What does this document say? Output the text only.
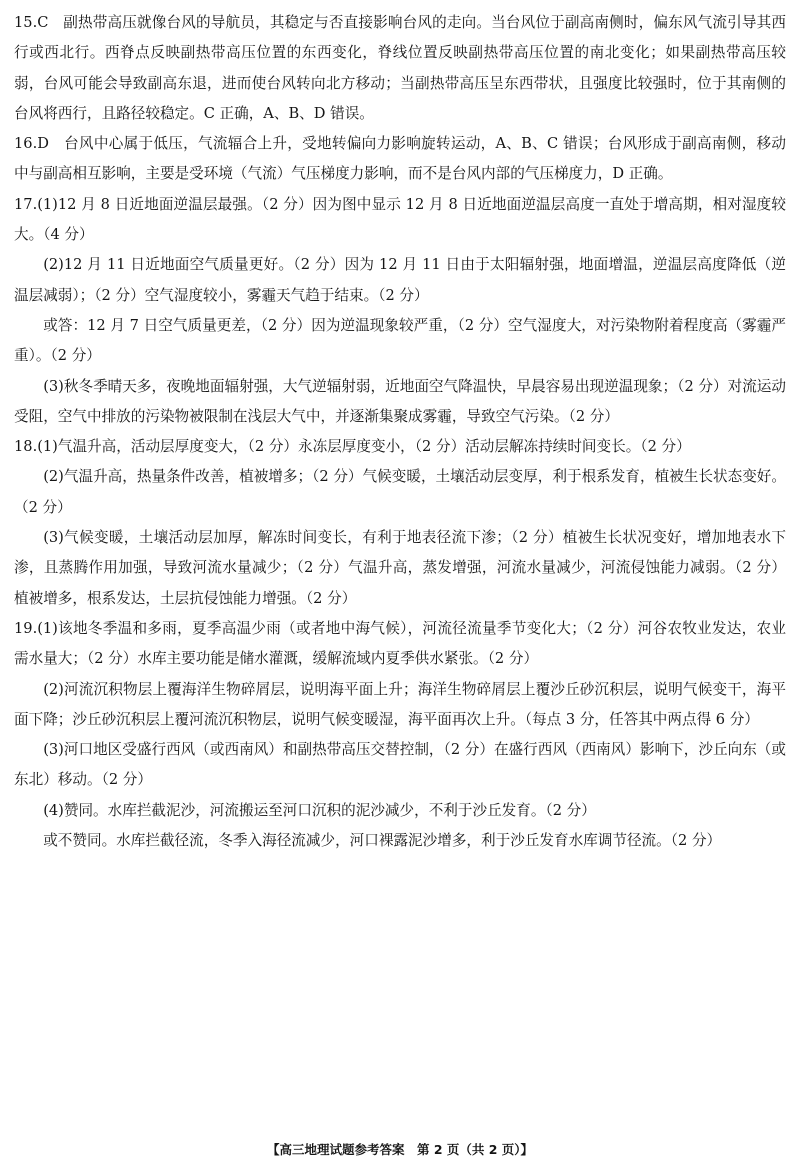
15.C　副热带高压就像台风的导航员，其稳定与否直接影响台风的走向。当台风位于副高南侧时，偏东风气流引导其西行或西北行。西脊点反映副热带高压位置的东西变化，脊线位置反映副热带高压位置的南北变化；如果副热带高压较弱，台风可能会导致副高东退，进而使台风转向北方移动；当副热带高压呈东西带状，且强度比较强时，位于其南侧的台风将西行，且路径较稳定。C 正确，A、B、D 错误。

16.D　台风中心属于低压，气流辐合上升，受地转偏向力影响旋转运动，A、B、C 错误；台风形成于副高南侧，移动中与副高相互影响，主要是受环境（气流）气压梯度力影响，而不是台风内部的气压梯度力，D 正确。

17.(1)12 月 8 日近地面逆温层最强。（2 分）因为图中显示 12 月 8 日近地面逆温层高度一直处于增高期，相对湿度较大。（4 分）

(2)12 月 11 日近地面空气质量更好。（2 分）因为 12 月 11 日由于太阳辐射强，地面增温，逆温层高度降低（逆温层减弱）；（2 分）空气湿度较小，雾霾天气趋于结束。（2 分）

或答：12 月 7 日空气质量更差，（2 分）因为逆温现象较严重，（2 分）空气湿度大，对污染物附着程度高（雾霾严重）。（2 分）

(3)秋冬季晴天多，夜晚地面辐射强，大气逆辐射弱，近地面空气降温快，早晨容易出现逆温现象；（2 分）对流运动受阻，空气中排放的污染物被限制在浅层大气中，并逐渐集聚成雾霾，导致空气污染。（2 分）

18.(1)气温升高，活动层厚度变大，（2 分）永冻层厚度变小，（2 分）活动层解冻持续时间变长。（2 分）

(2)气温升高，热量条件改善，植被增多；（2 分）气候变暖，土壤活动层变厚，利于根系发育，植被生长状态变好。（2 分）

(3)气候变暖，土壤活动层加厚，解冻时间变长，有利于地表径流下渗；（2 分）植被生长状况变好，增加地表水下渗，且蒸腾作用加强，导致河流水量减少；（2 分）气温升高，蒸发增强，河流水量减少，河流侵蚀能力减弱。（2 分）植被增多，根系发达，土层抗侵蚀能力增强。（2 分）

19.(1)该地冬季温和多雨，夏季高温少雨（或者地中海气候），河流径流量季节变化大；（2 分）河谷农牧业发达，农业需水量大；（2 分）水库主要功能是储水灌溉，缓解流域内夏季供水紧张。（2 分）

(2)河流沉积物层上覆海洋生物碎屑层，说明海平面上升；海洋生物碎屑层上覆沙丘砂沉积层，说明气候变干，海平面下降；沙丘砂沉积层上覆河流沉积物层，说明气候变暖湿，海平面再次上升。（每点 3 分，任答其中两点得 6 分）

(3)河口地区受盛行西风（或西南风）和副热带高压交替控制，（2 分）在盛行西风（西南风）影响下，沙丘向东（或东北）移动。（2 分）

(4)赞同。水库拦截泥沙，河流搬运至河口沉积的泥沙减少，不利于沙丘发育。（2 分）

或不赞同。水库拦截径流，冬季入海径流减少，河口裸露泥沙增多，利于沙丘发育水库调节径流。（2 分）

【高三地理试题参考答案　第 2 页（共 2 页）】
